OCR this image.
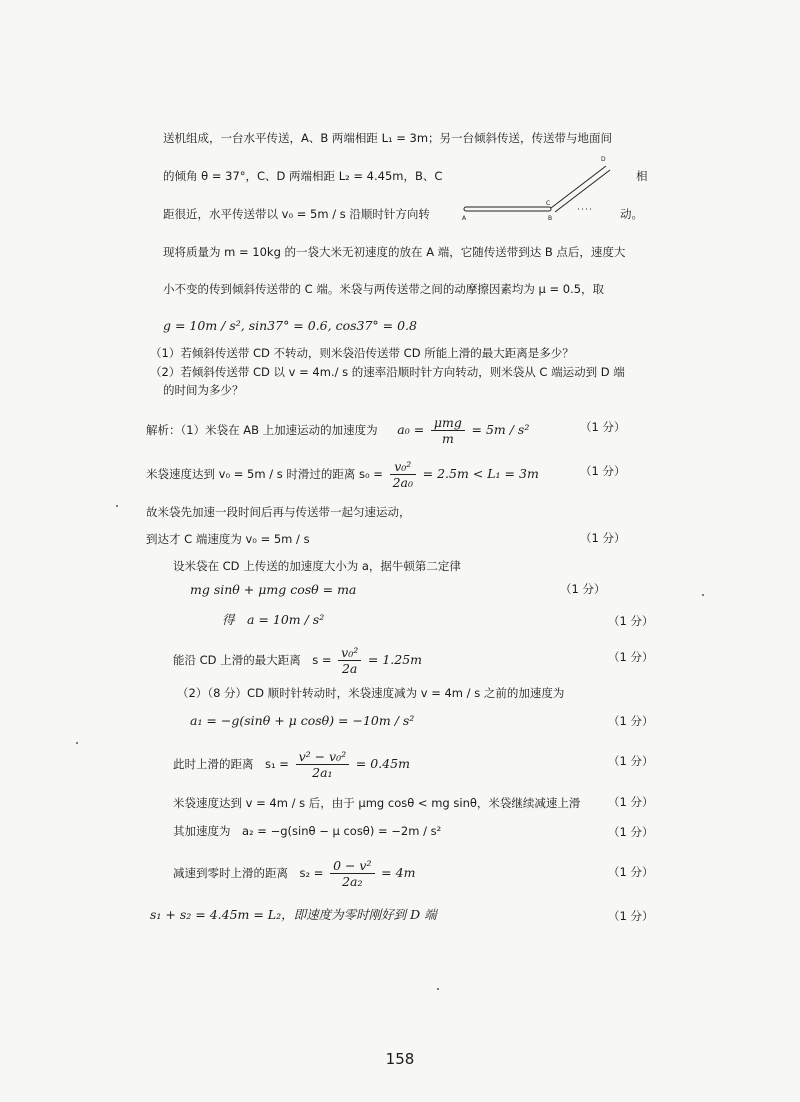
送机组成，一台水平传送，A、B 两端相距 L₁ = 3m；另一台倾斜传送，传送带与地面间
的倾角 θ = 37°，C、D 两端相距 L₂ = 4.45m，B、C	相
距很近，水平传送带以 v₀ = 5m / s 沿顺时针方向转	动。
现将质量为 m = 10kg 的一袋大米无初速度的放在 A 端，它随传送带到达 B 点后，速度大
小不变的传到倾斜传送带的 C 端。米袋与两传送带之间的动摩擦因素均为 μ = 0.5，取
g = 10m / s², sin37° = 0.6, cos37° = 0.8
（1）若倾斜传送带 CD 不转动，则米袋沿传送带 CD 所能上滑的最大距离是多少？
（2）若倾斜传送带 CD 以 v = 4m./ s 的速率沿顺时针方向转动，则米袋从 C 端运动到 D 端
的时间为多少？
A	B
C
D
解析：（1）米袋在 AB 上加速运动的加速度为 $a_0 = \frac{\text{μmg}}{m} = 5m / s^2$	（1 分）
米袋速度达到 v₀ = 5m / s 时滑过的距离 $s_0 = \frac{\text{v₀²}}{\text{2a₀}} = 2.5m < L_1 = 3m$	（1 分）
故米袋先加速一段时间后再与传送带一起匀速运动，
到达才 C 端速度为 v₀ = 5m / s	（1 分）
设米袋在 CD 上传送的加速度大小为 a，据牛顿第二定律
mg sinθ + μmg cosθ = ma	（1 分）
得　a = 10m / s²	（1 分）
能沿 CD 上滑的最大距离　$s = \frac{\text{v₀²}}{2a} = 1.25m$	（1 分）
（2）（8 分）CD 顺时针转动时，米袋速度减为 v = 4m / s 之前的加速度为
a₁ = −g(sinθ + μ cosθ) = −10m / s²	（1 分）
此时上滑的距离　$s_1 = \frac{\text{v² − v₀²}}{\text{2a₁}} = 0.45m$	（1 分）
米袋速度达到 v = 4m / s 后，由于 μmg cosθ < mg sinθ，米袋继续减速上滑 （1 分）
其加速度为　a₂ = −g(sinθ − μ cosθ) = −2m / s²	（1 分）
减速到零时上滑的距离　$s_2 = \frac{\text{0 − v²}}{\text{2a₂}} = 4m$	（1 分）
s₁ + s₂ = 4.45m = L₂，即速度为零时刚好到 D 端	（1 分）
158
